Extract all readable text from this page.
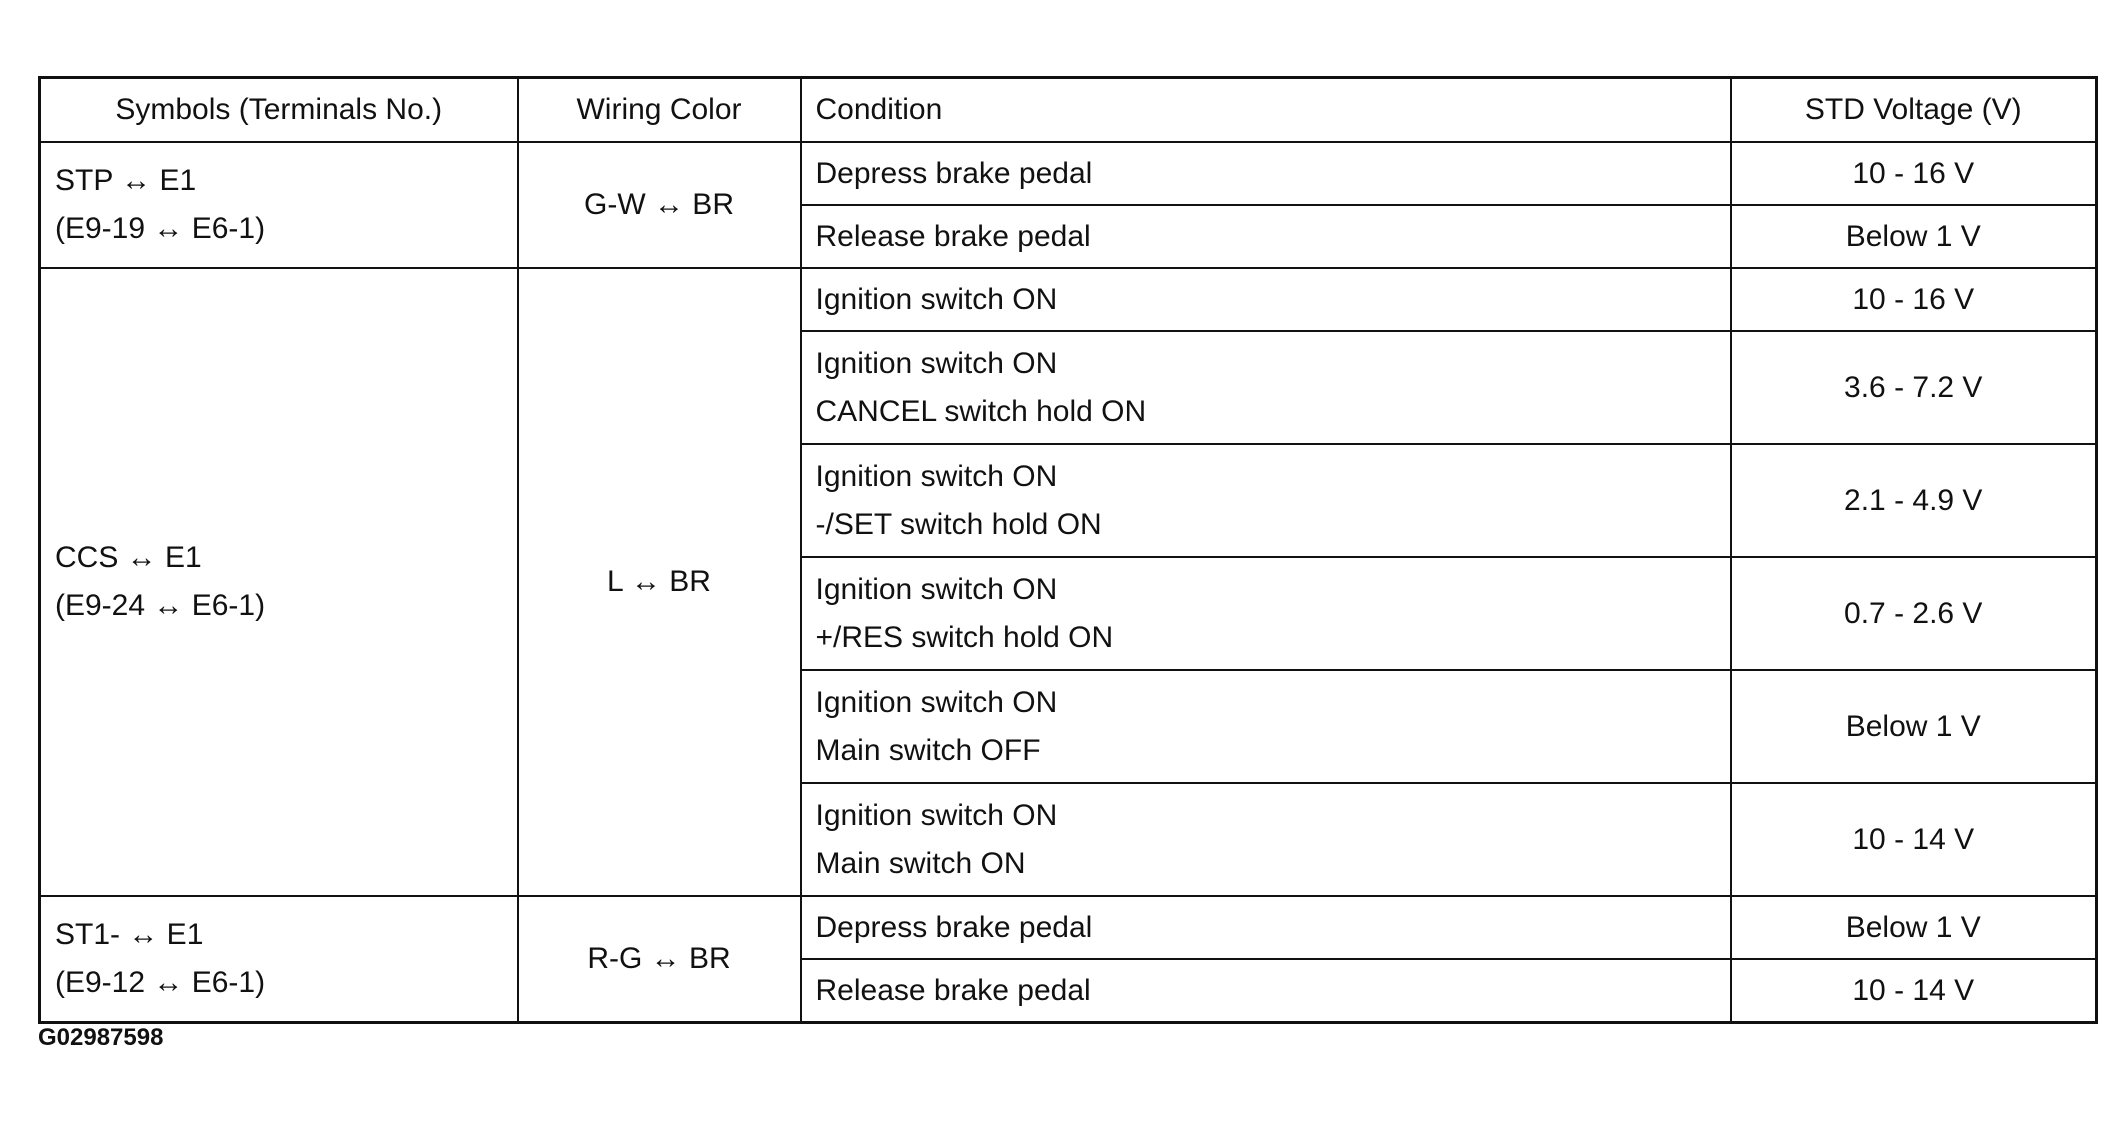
Symbols (Terminals No.)	Wiring Color	Condition	STD Voltage (V)

STP ↔ E1
(E9-19 ↔ E6-1)	G-W ↔ BR	Depress brake pedal	10 - 16 V

		Release brake pedal	Below 1 V

CCS ↔ E1
(E9-24 ↔ E6-1)	L ↔ BR	Ignition switch ON	10 - 16 V

		Ignition switch ON
CANCEL switch hold ON	3.6 - 7.2 V

		Ignition switch ON
-/SET switch hold ON	2.1 - 4.9 V

		Ignition switch ON
+/RES switch hold ON	0.7 - 2.6 V

		Ignition switch ON
Main switch OFF	Below 1 V

		Ignition switch ON
Main switch ON	10 - 14 V

ST1- ↔ E1
(E9-12 ↔ E6-1)	R-G ↔ BR	Depress brake pedal	Below 1 V

		Release brake pedal	10 - 14 V
G02987598
